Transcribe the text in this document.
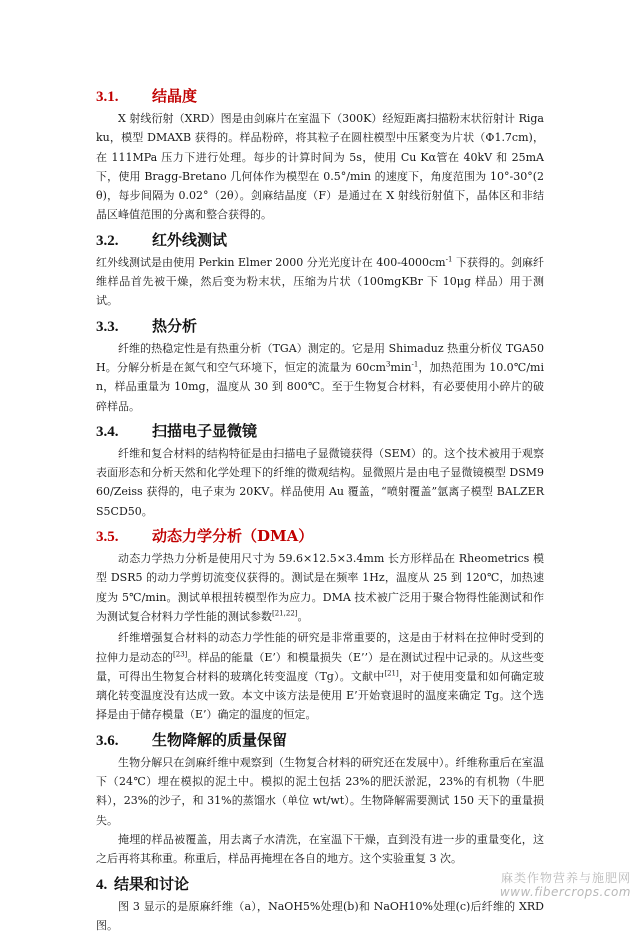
3.1.	结晶度

X 射线衍射（XRD）图是由剑麻片在室温下（300K）经短距离扫描粉末状衍射计 Rigaku，模型 DMAXB 获得的。样品粉碎，将其粒子在圆柱模型中压紧变为片状（Φ1.7cm)，在 111MPa 压力下进行处理。每步的计算时间为 5s，使用 Cu Kα管在 40kV 和 25mA 下，使用 Bragg-Bretano 几何体作为模型在 0.5°/min 的速度下，角度范围为 10°-30°(2θ)，每步间隔为 0.02°（2θ）。剑麻结晶度（F）是通过在 X 射线衍射值下，晶体区和非结晶区峰值范围的分离和整合获得的。

3.2.	红外线测试

红外线测试是由使用 Perkin Elmer 2000 分光光度计在 $400-4000cm^{-1}$ 下获得的。剑麻纤维样品首先被干燥，然后变为粉末状，压缩为片状（100mgKBr 下 10μg 样品）用于测试。

3.3.	热分析

纤维的热稳定性是有热重分析（TGA）测定的。它是用 Shimaduz 热重分析仪 TGA50H。分解分析是在氮气和空气环境下，恒定的流量为 $60cm^3\min^{-1}$，加热范围为 10.0℃/min，样品重量为 10mg，温度从 30 到 800℃。至于生物复合材料，有必要使用小碎片的破碎样品。

3.4.	扫描电子显微镜

纤维和复合材料的结构特征是由扫描电子显微镜获得（SEM）的。这个技术被用于观察表面形态和分析天然和化学处理下的纤维的微观结构。显微照片是由电子显微镜模型 DSM960/Zeiss 获得的，电子束为 20KV。样品使用 Au 覆盖，“喷射覆盖”氩离子模型 BALZERS5CD50。

3.5.	动态力学分析（DMA）

动态力学热力分析是使用尺寸为 59.6×12.5×3.4mm 长方形样品在 Rheometrics 模型 DSR5 的动力学剪切流变仪获得的。测试是在频率 1Hz，温度从 25 到 120℃，加热速度为 5℃/min。测试单根扭转模型作为应力。DMA 技术被广泛用于聚合物得性能测试和作为测试复合材料力学性能的测试参数[21,22]。

纤维增强复合材料的动态力学性能的研究是非常重要的，这是由于材料在拉伸时受到的拉伸力是动态的[23]。样品的能量（E’）和模量损失（E’’）是在测试过程中记录的。从这些变量，可得出生物复合材料的玻璃化转变温度（Tg）。文献中[21]，对于使用变量和如何确定玻璃化转变温度没有达成一致。本文中该方法是使用 E’开始衰退时的温度来确定 Tg。这个选择是由于储存模量（E’）确定的温度的恒定。

3.6.	生物降解的质量保留

生物分解只在剑麻纤维中观察到（生物复合材料的研究还在发展中）。纤维称重后在室温下（24℃）埋在模拟的泥土中。模拟的泥土包括 23%的肥沃淤泥，23%的有机物（牛肥料），23%的沙子，和 31%的蒸馏水（单位 wt/wt）。生物降解需要测试 150 天下的重量损失。

掩埋的样品被覆盖，用去离子水清洗，在室温下干燥，直到没有进一步的重量变化，这之后再将其称重。称重后，样品再掩埋在各自的地方。这个实验重复 3 次。

4. 结果和讨论

图 3 显示的是原麻纤维（a），NaOH5%处理(b)和 NaOH10%处理(c)后纤维的 XRD 图。

麻类作物营养与施肥网
www.fibercrops.com
